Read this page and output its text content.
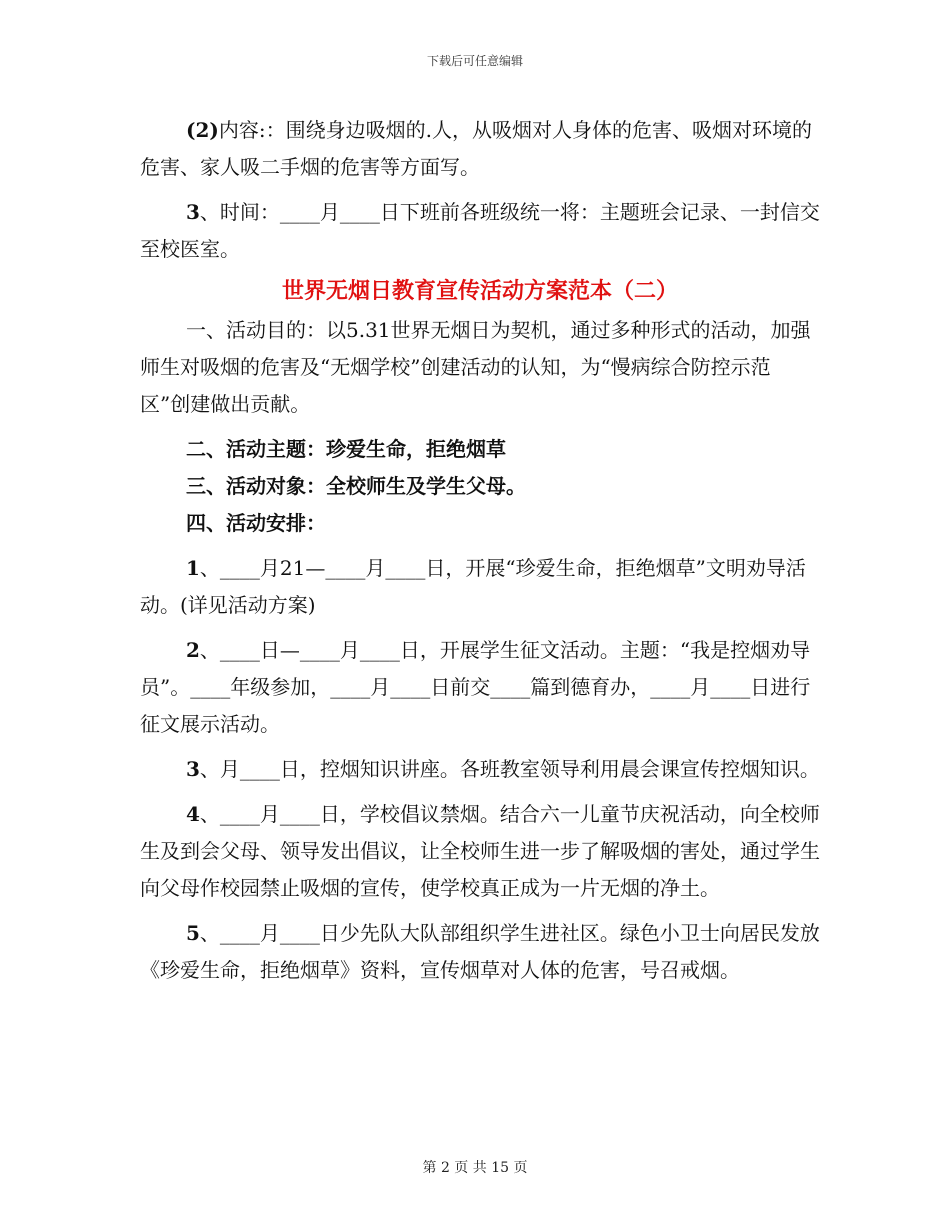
下载后可任意编辑

(2)内容:：围绕身边吸烟的.人，从吸烟对人身体的危害、吸烟对环境的危害、家人吸二手烟的危害等方面写。

3、时间：____月____日下班前各班级统一将：主题班会记录、一封信交至校医室。

世界无烟日教育宣传活动方案范本（二）

一、活动目的：以5.31世界无烟日为契机，通过多种形式的活动，加强师生对吸烟的危害及“无烟学校”创建活动的认知，为“慢病综合防控示范区”创建做出贡献。

二、活动主题：珍爱生命，拒绝烟草

三、活动对象：全校师生及学生父母。

四、活动安排：

1、____月21—____月____日，开展“珍爱生命，拒绝烟草”文明劝导活动。(详见活动方案)

2、____日—____月____日，开展学生征文活动。主题：“我是控烟劝导员”。____年级参加，____月____日前交____篇到德育办，____月____日进行征文展示活动。

3、月____日，控烟知识讲座。各班教室领导利用晨会课宣传控烟知识。

4、____月____日，学校倡议禁烟。结合六一儿童节庆祝活动，向全校师生及到会父母、领导发出倡议，让全校师生进一步了解吸烟的害处，通过学生向父母作校园禁止吸烟的宣传，使学校真正成为一片无烟的净土。

5、____月____日少先队大队部组织学生进社区。绿色小卫士向居民发放《珍爱生命，拒绝烟草》资料，宣传烟草对人体的危害，号召戒烟。

第 2 页 共 15 页
